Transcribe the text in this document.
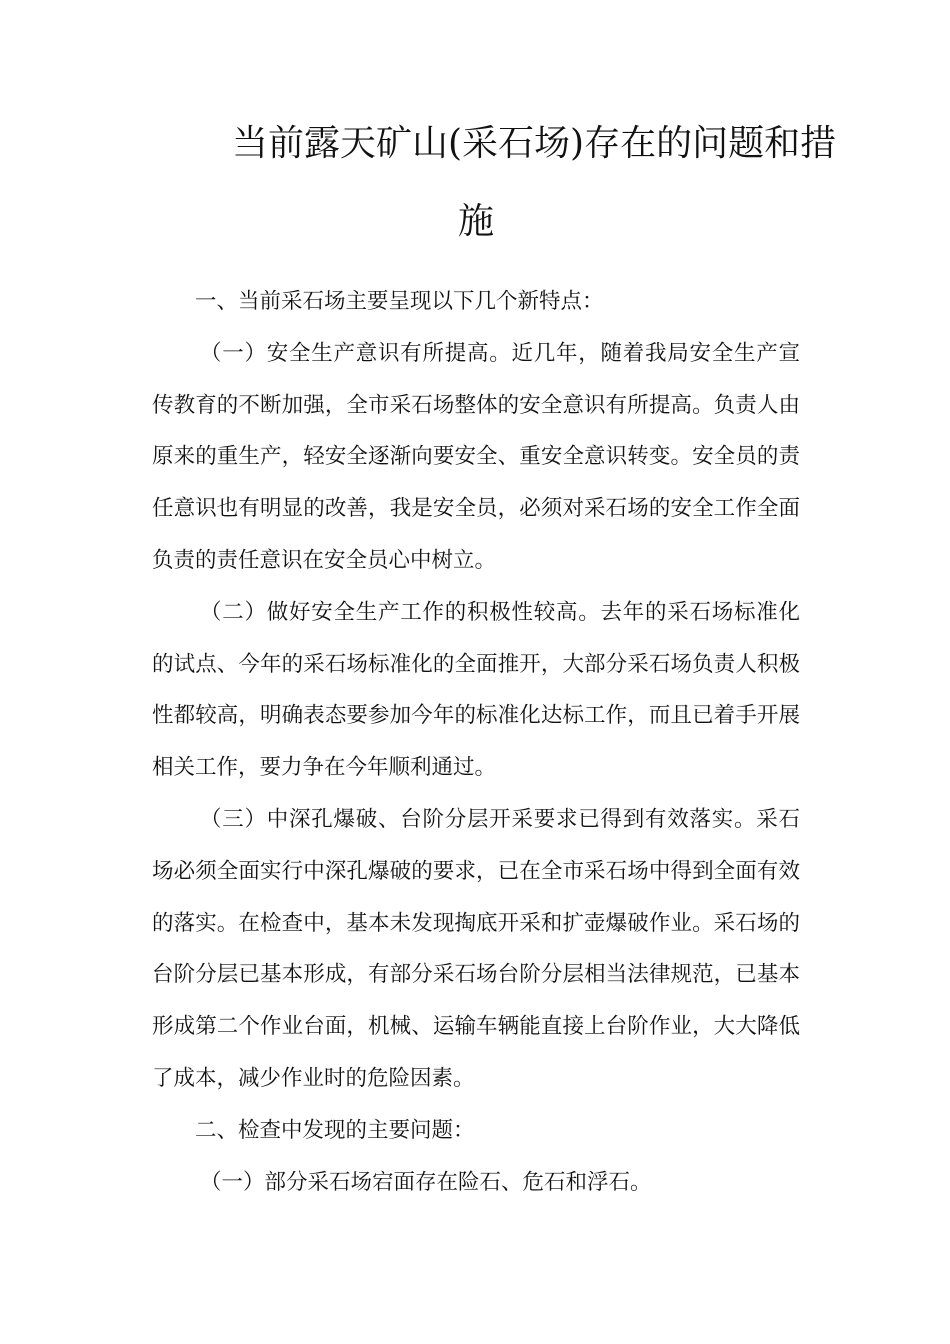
当前露天矿山(采石场)存在的问题和措
施

一、当前采石场主要呈现以下几个新特点：

（一）安全生产意识有所提高。近几年，随着我局安全生产宣传教育的不断加强，全市采石场整体的安全意识有所提高。负责人由原来的重生产，轻安全逐渐向要安全、重安全意识转变。安全员的责任意识也有明显的改善，我是安全员，必须对采石场的安全工作全面负责的责任意识在安全员心中树立。

（二）做好安全生产工作的积极性较高。去年的采石场标准化的试点、今年的采石场标准化的全面推开，大部分采石场负责人积极性都较高，明确表态要参加今年的标准化达标工作，而且已着手开展相关工作，要力争在今年顺利通过。

（三）中深孔爆破、台阶分层开采要求已得到有效落实。采石场必须全面实行中深孔爆破的要求，已在全市采石场中得到全面有效的落实。在检查中，基本未发现掏底开采和扩壶爆破作业。采石场的台阶分层已基本形成，有部分采石场台阶分层相当法律规范，已基本形成第二个作业台面，机械、运输车辆能直接上台阶作业，大大降低了成本，减少作业时的危险因素。

二、检查中发现的主要问题：

（一）部分采石场宕面存在险石、危石和浮石。
